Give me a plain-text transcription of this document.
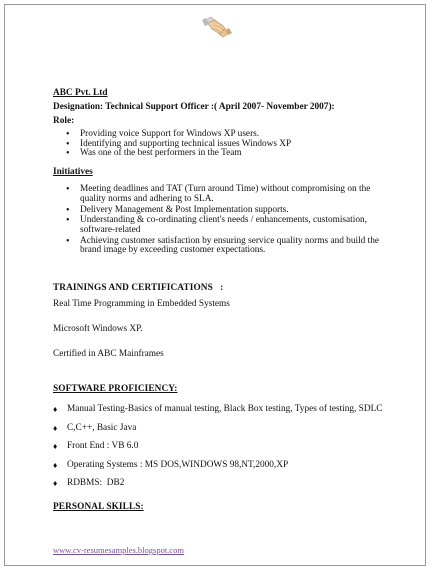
ABC Pvt. Ltd
Designation: Technical Support Officer :( April 2007- November 2007):
Role:
• Providing voice Support for Windows XP users.
• Identifying and supporting technical issues Windows XP
• Was one of the best performers in the Team
Initiatives
• Meeting deadlines and TAT (Turn around Time) without compromising on the quality norms and adhering to SLA.
• Delivery Management & Post Implementation supports.
• Understanding & co-ordinating client's needs / enhancements, customisation, software-related
• Achieving customer satisfaction by ensuring service quality norms and build the brand image by exceeding customer expectations.
TRAININGS AND CERTIFICATIONS   :
Real Time Programming in Embedded Systems
Microsoft Windows XP.
Certified in ABC Mainframes
SOFTWARE PROFICIENCY:
♦ Manual Testing-Basics of manual testing, Black Box testing, Types of testing, SDLC
♦ C,C++, Basic Java
♦ Front End : VB 6.0
♦ Operating Systems : MS DOS,WINDOWS 98,NT,2000,XP
♦ RDBMS:  DB2
PERSONAL SKILLS:
www.cv-resumesamples.blogspot.com
